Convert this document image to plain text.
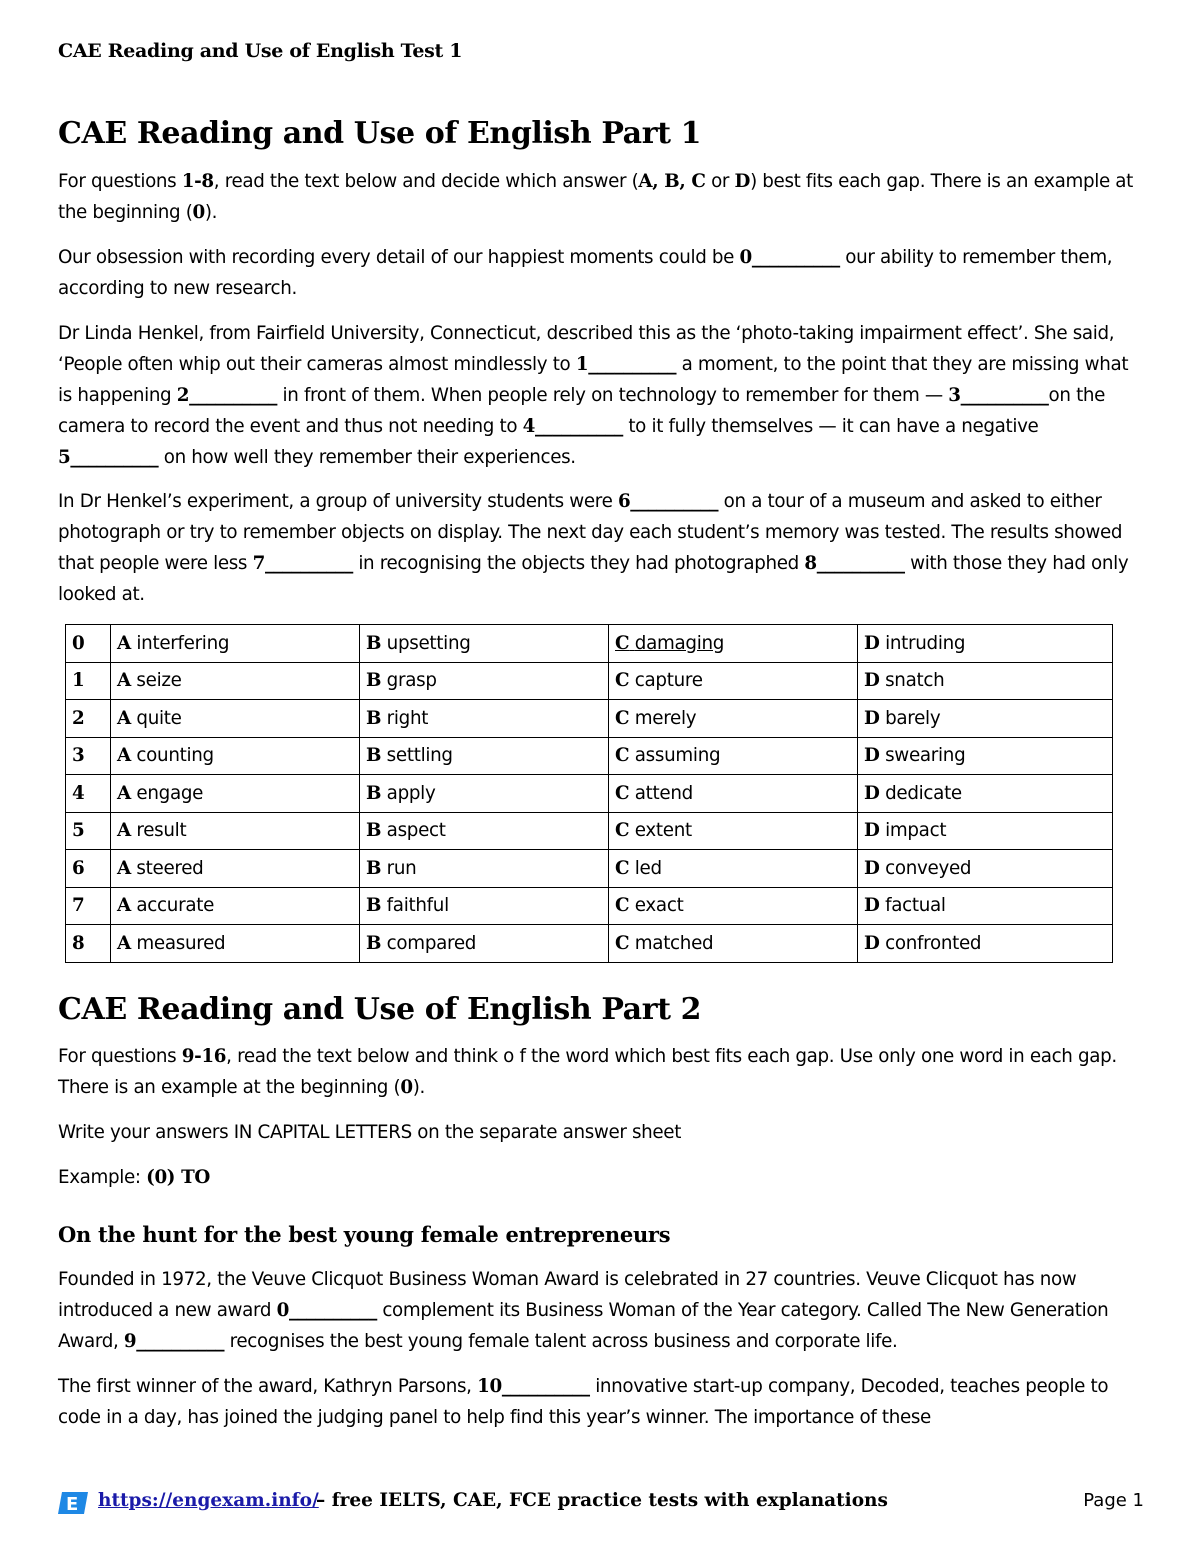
CAE Reading and Use of English Test 1
CAE Reading and Use of English Part 1
For questions 1-8, read the text below and decide which answer (A, B, C or D) best fits each gap. There is an example at the beginning (0).
Our obsession with recording every detail of our happiest moments could be 0__________ our ability to remember them, according to new research.
Dr Linda Henkel, from Fairfield University, Connecticut, described this as the ‘photo-taking impairment effect’. She said, ‘People often whip out their cameras almost mindlessly to 1__________ a moment, to the point that they are missing what is happening 2__________ in front of them. When people rely on technology to remember for them — 3__________on the camera to record the event and thus not needing to 4__________ to it fully themselves — it can have a negative 5__________ on how well they remember their experiences.
In Dr Henkel’s experiment, a group of university students were 6__________ on a tour of a museum and asked to either photograph or try to remember objects on display. The next day each student’s memory was tested. The results showed that people were less 7__________ in recognising the objects they had photographed 8__________ with those they had only looked at.
0	A interfering	B upsetting	C damaging	D intruding
1	A seize	B grasp	C capture	D snatch
2	A quite	B right	C merely	D barely
3	A counting	B settling	C assuming	D swearing
4	A engage	B apply	C attend	D dedicate
5	A result	B aspect	C extent	D impact
6	A steered	B run	C led	D conveyed
7	A accurate	B faithful	C exact	D factual
8	A measured	B compared	C matched	D confronted
CAE Reading and Use of English Part 2
For questions 9-16, read the text below and think o f the word which best fits each gap. Use only one word in each gap. There is an example at the beginning (0).
Write your answers IN CAPITAL LETTERS on the separate answer sheet
Example: (0) TO
On the hunt for the best young female entrepreneurs
Founded in 1972, the Veuve Clicquot Business Woman Award is celebrated in 27 countries. Veuve Clicquot has now introduced a new award 0__________ complement its Business Woman of the Year category. Called The New Generation Award, 9__________ recognises the best young female talent across business and corporate life.
The first winner of the award, Kathryn Parsons, 10__________ innovative start-up company, Decoded, teaches people to code in a day, has joined the judging panel to help find this year’s winner. The importance of these
E https://engexam.info/
– free IELTS, CAE, FCE practice tests with explanations	Page 1
